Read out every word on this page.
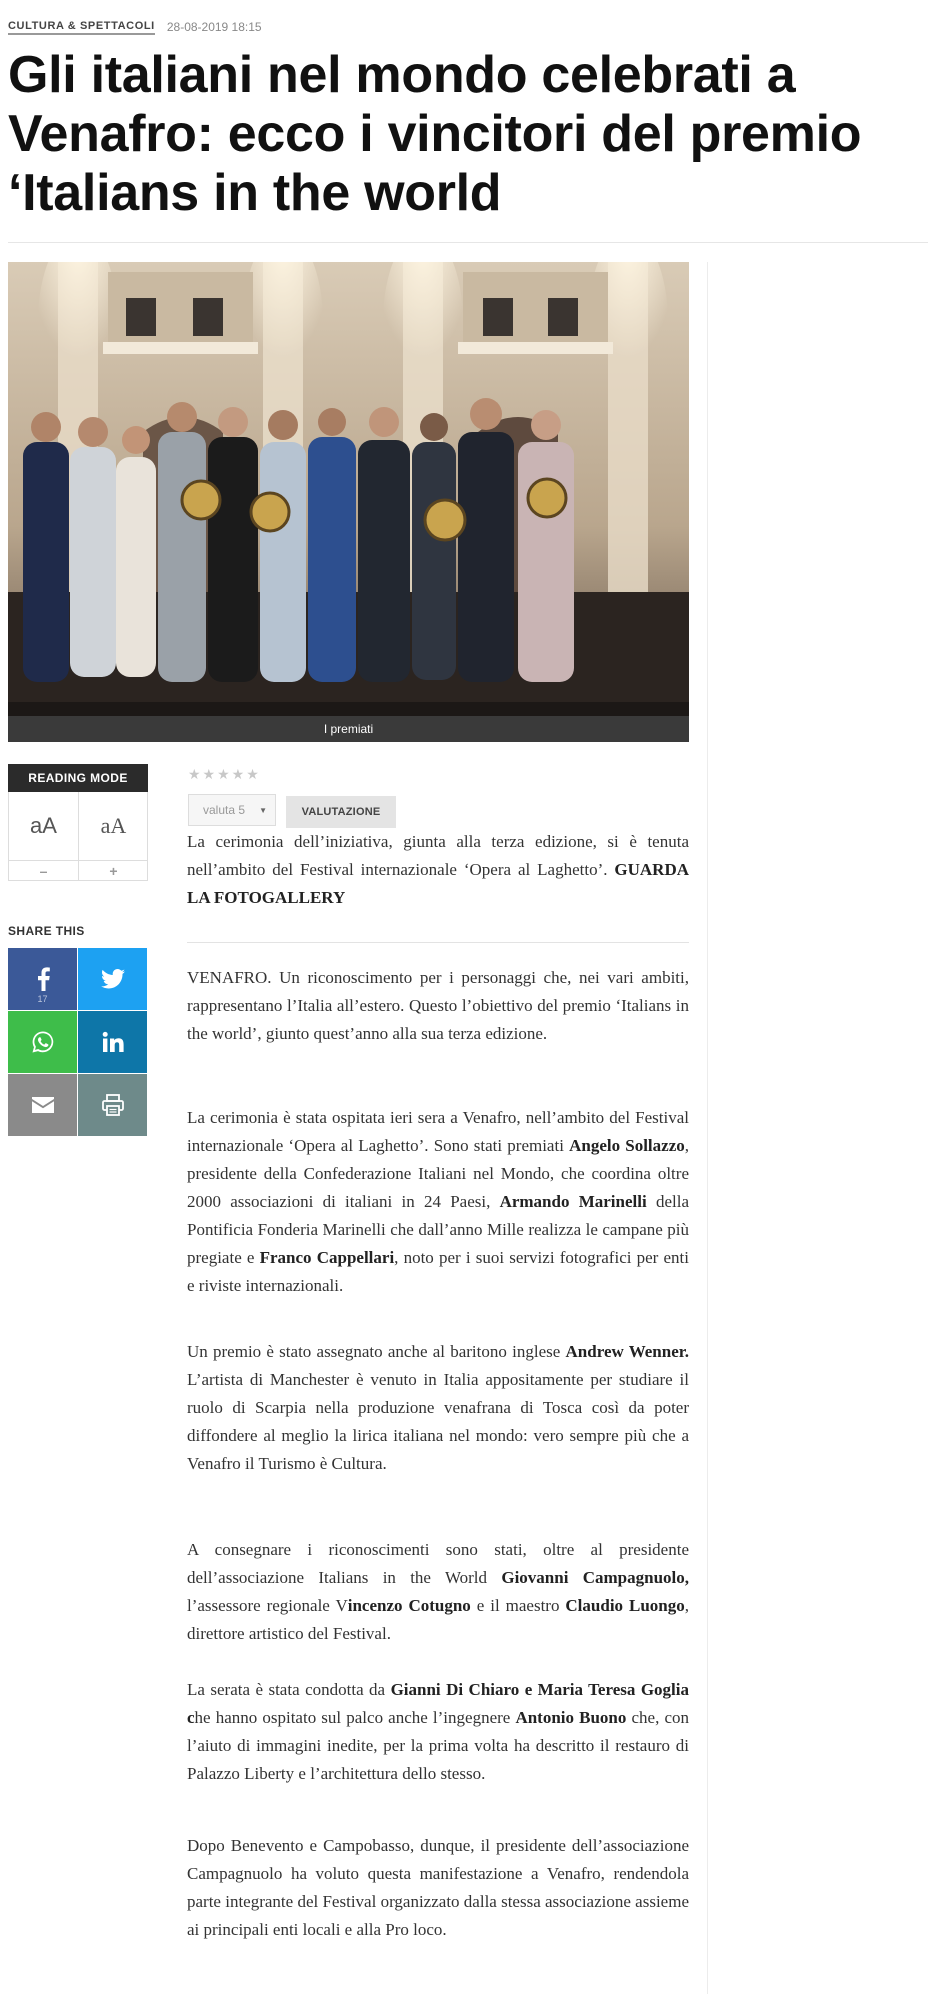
CULTURA & SPETTACOLI 28-08-2019 18:15
Gli italiani nel mondo celebrati a
Venafro: ecco i vincitori del premio
‘Italians in the world
I premiati
READING MODE
aA	aA
–	+
SHARE THIS
17
★★★★★
valuta 5 ▼	VALUTAZIONE

La cerimonia dell’iniziativa, giunta alla terza edizione, si è tenuta nell’ambito del Festival internazionale ‘Opera al Laghetto’. GUARDA LA FOTOGALLERY

VENAFRO. Un riconoscimento per i personaggi che, nei vari ambiti, rappresentano l’Italia all’estero. Questo l’obiettivo del premio ‘Italians in the world’, giunto quest’anno alla sua terza edizione.

La cerimonia è stata ospitata ieri sera a Venafro, nell’ambito del Festival internazionale ‘Opera al Laghetto’. Sono stati premiati Angelo Sollazzo, presidente della Confederazione Italiani nel Mondo, che coordina oltre 2000 associazioni di italiani in 24 Paesi, Armando Marinelli della Pontificia Fonderia Marinelli che dall’anno Mille realizza le campane più pregiate e Franco Cappellari, noto per i suoi servizi fotografici per enti e riviste internazionali.

Un premio è stato assegnato anche al baritono inglese Andrew Wenner. L’artista di Manchester è venuto in Italia appositamente per studiare il ruolo di Scarpia nella produzione venafrana di Tosca così da poter diffondere al meglio la lirica italiana nel mondo: vero sempre più che a Venafro il Turismo è Cultura.

A consegnare i riconoscimenti sono stati, oltre al presidente dell’associazione Italians in the World Giovanni Campagnuolo, l’assessore regionale Vincenzo Cotugno e il maestro Claudio Luongo, direttore artistico del Festival.

La serata è stata condotta da Gianni Di Chiaro e Maria Teresa Goglia che hanno ospitato sul palco anche l’ingegnere Antonio Buono che, con l’aiuto di immagini inedite, per la prima volta ha descritto il restauro di Palazzo Liberty e l’architettura dello stesso.

Dopo Benevento e Campobasso, dunque, il presidente dell’associazione Campagnuolo ha voluto questa manifestazione a Venafro, rendendola parte integrante del Festival organizzato dalla stessa associazione assieme ai principali enti locali e alla Pro loco.
